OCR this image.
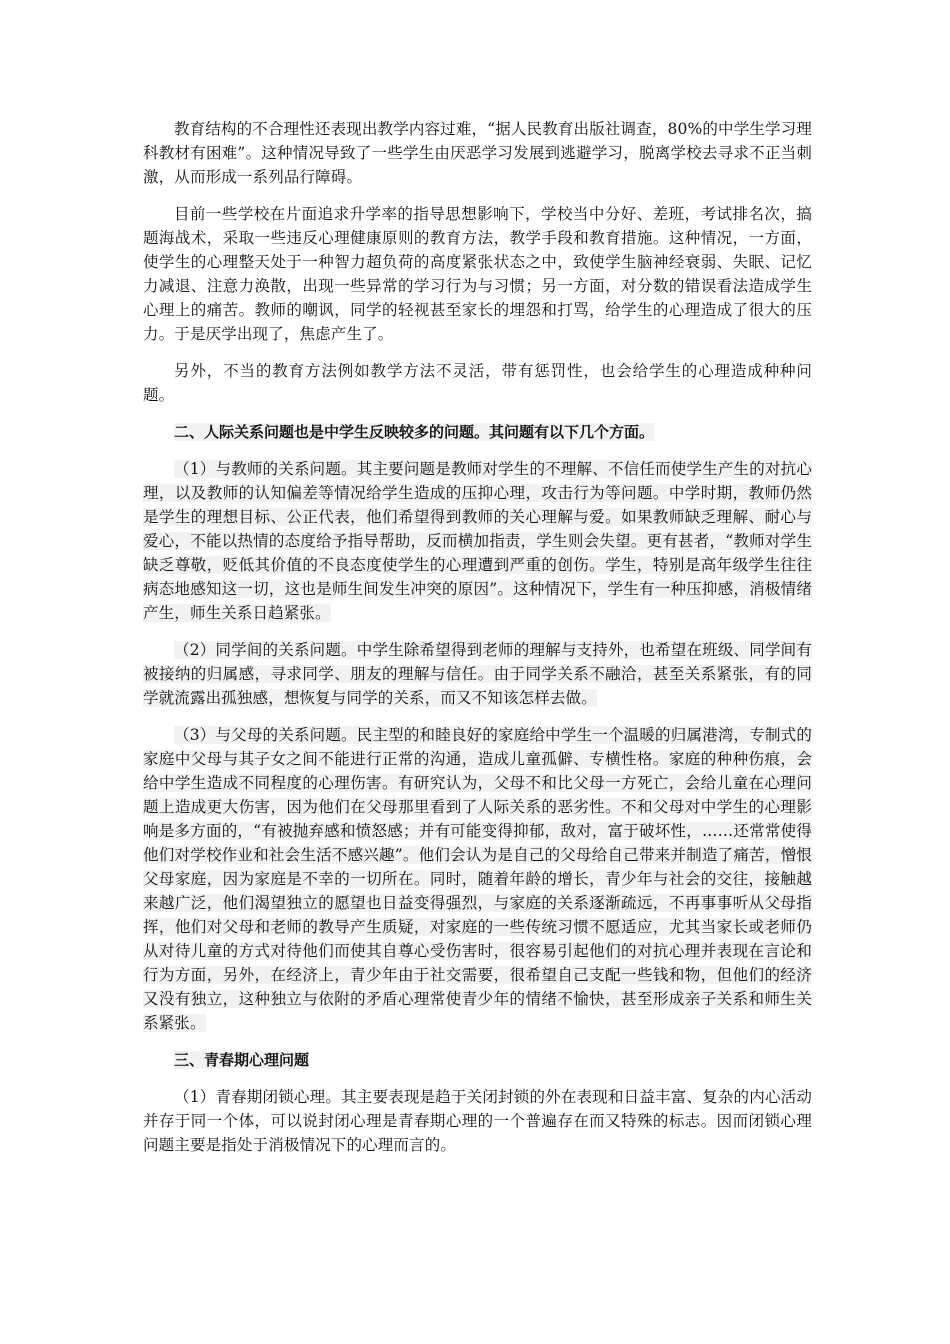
教育结构的不合理性还表现出教学内容过难，“据人民教育出版社调查，80%的中学生学习理科教材有困难”。这种情况导致了一些学生由厌恶学习发展到逃避学习，脱离学校去寻求不正当刺激，从而形成一系列品行障碍。

目前一些学校在片面追求升学率的指导思想影响下，学校当中分好、差班，考试排名次，搞题海战术，采取一些违反心理健康原则的教育方法，教学手段和教育措施。这种情况，一方面，使学生的心理整天处于一种智力超负荷的高度紧张状态之中，致使学生脑神经衰弱、失眠、记忆力减退、注意力涣散，出现一些异常的学习行为与习惯；另一方面，对分数的错误看法造成学生心理上的痛苦。教师的嘲讽，同学的轻视甚至家长的埋怨和打骂，给学生的心理造成了很大的压力。于是厌学出现了，焦虑产生了。

另外，不当的教育方法例如教学方法不灵活，带有惩罚性，也会给学生的心理造成种种问题。

二、人际关系问题也是中学生反映较多的问题。其问题有以下几个方面。

（1）与教师的关系问题。其主要问题是教师对学生的不理解、不信任而使学生产生的对抗心理，以及教师的认知偏差等情况给学生造成的压抑心理，攻击行为等问题。中学时期，教师仍然是学生的理想目标、公正代表，他们希望得到教师的关心理解与爱。如果教师缺乏理解、耐心与爱心，不能以热情的态度给予指导帮助，反而横加指责，学生则会失望。更有甚者，“教师对学生缺乏尊敬，贬低其价值的不良态度使学生的心理遭到严重的创伤。学生，特别是高年级学生往往病态地感知这一切，这也是师生间发生冲突的原因”。这种情况下，学生有一种压抑感，消极情绪产生，师生关系日趋紧张。

（2）同学间的关系问题。中学生除希望得到老师的理解与支持外，也希望在班级、同学间有被接纳的归属感，寻求同学、朋友的理解与信任。由于同学关系不融洽，甚至关系紧张，有的同学就流露出孤独感，想恢复与同学的关系，而又不知该怎样去做。

（3）与父母的关系问题。民主型的和睦良好的家庭给中学生一个温暖的归属港湾，专制式的家庭中父母与其子女之间不能进行正常的沟通，造成儿童孤僻、专横性格。家庭的种种伤痕，会给中学生造成不同程度的心理伤害。有研究认为，父母不和比父母一方死亡，会给儿童在心理问题上造成更大伤害，因为他们在父母那里看到了人际关系的恶劣性。不和父母对中学生的心理影响是多方面的，“有被抛弃感和愤怒感；并有可能变得抑郁，敌对，富于破坏性，……还常常使得他们对学校作业和社会生活不感兴趣”。他们会认为是自己的父母给自己带来并制造了痛苦，憎恨父母家庭，因为家庭是不幸的一切所在。同时，随着年龄的增长，青少年与社会的交往，接触越来越广泛，他们渴望独立的愿望也日益变得强烈，与家庭的关系逐渐疏远，不再事事听从父母指挥，他们对父母和老师的教导产生质疑，对家庭的一些传统习惯不愿适应，尤其当家长或老师仍从对待儿童的方式对待他们而使其自尊心受伤害时，很容易引起他们的对抗心理并表现在言论和行为方面，另外，在经济上，青少年由于社交需要，很希望自己支配一些钱和物，但他们的经济又没有独立，这种独立与依附的矛盾心理常使青少年的情绪不愉快，甚至形成亲子关系和师生关系紧张。

三、青春期心理问题

（1）青春期闭锁心理。其主要表现是趋于关闭封锁的外在表现和日益丰富、复杂的内心活动并存于同一个体，可以说封闭心理是青春期心理的一个普遍存在而又特殊的标志。因而闭锁心理问题主要是指处于消极情况下的心理而言的。
